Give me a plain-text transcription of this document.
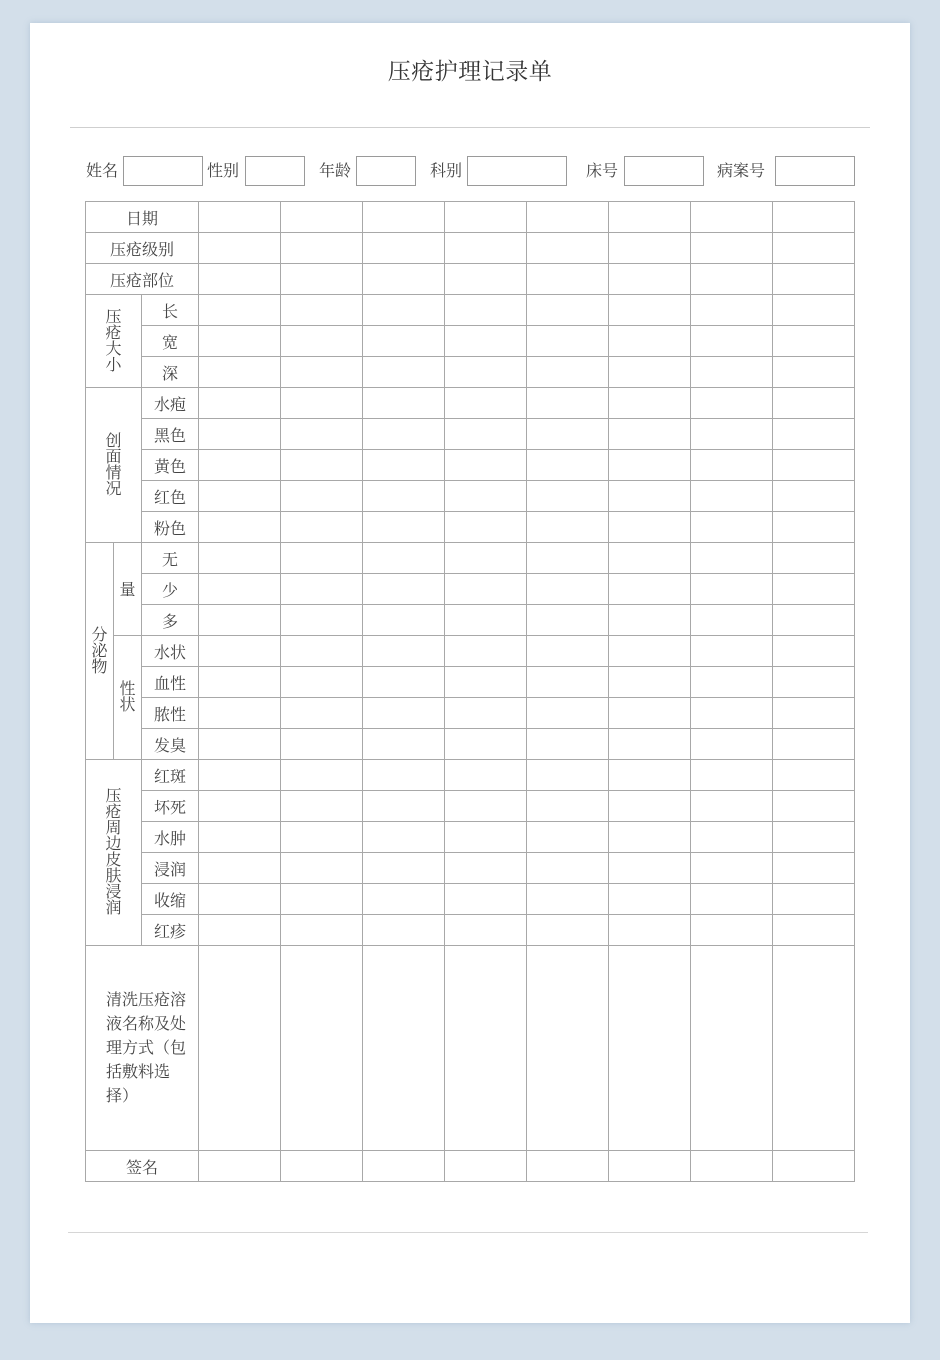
压疮护理记录单
姓名	性别	年龄	科别	床号	病案号
日期										
压疮级别										
压疮部位										
压疮大小		长								
		宽								
		深								
创面情况		水疱								
		黑色								
		黄色								
		红色								
		粉色								
分泌物	量	无								
		少								
		多								
	性状	水状								
		血性								
		脓性								
		发臭								
压疮周边皮肤浸润		红斑								
		坏死								
		水肿								
		浸润								
		收缩								
		红疹								
清洗压疮溶液名称及处理方式（包括敷料选择）										
签名										
